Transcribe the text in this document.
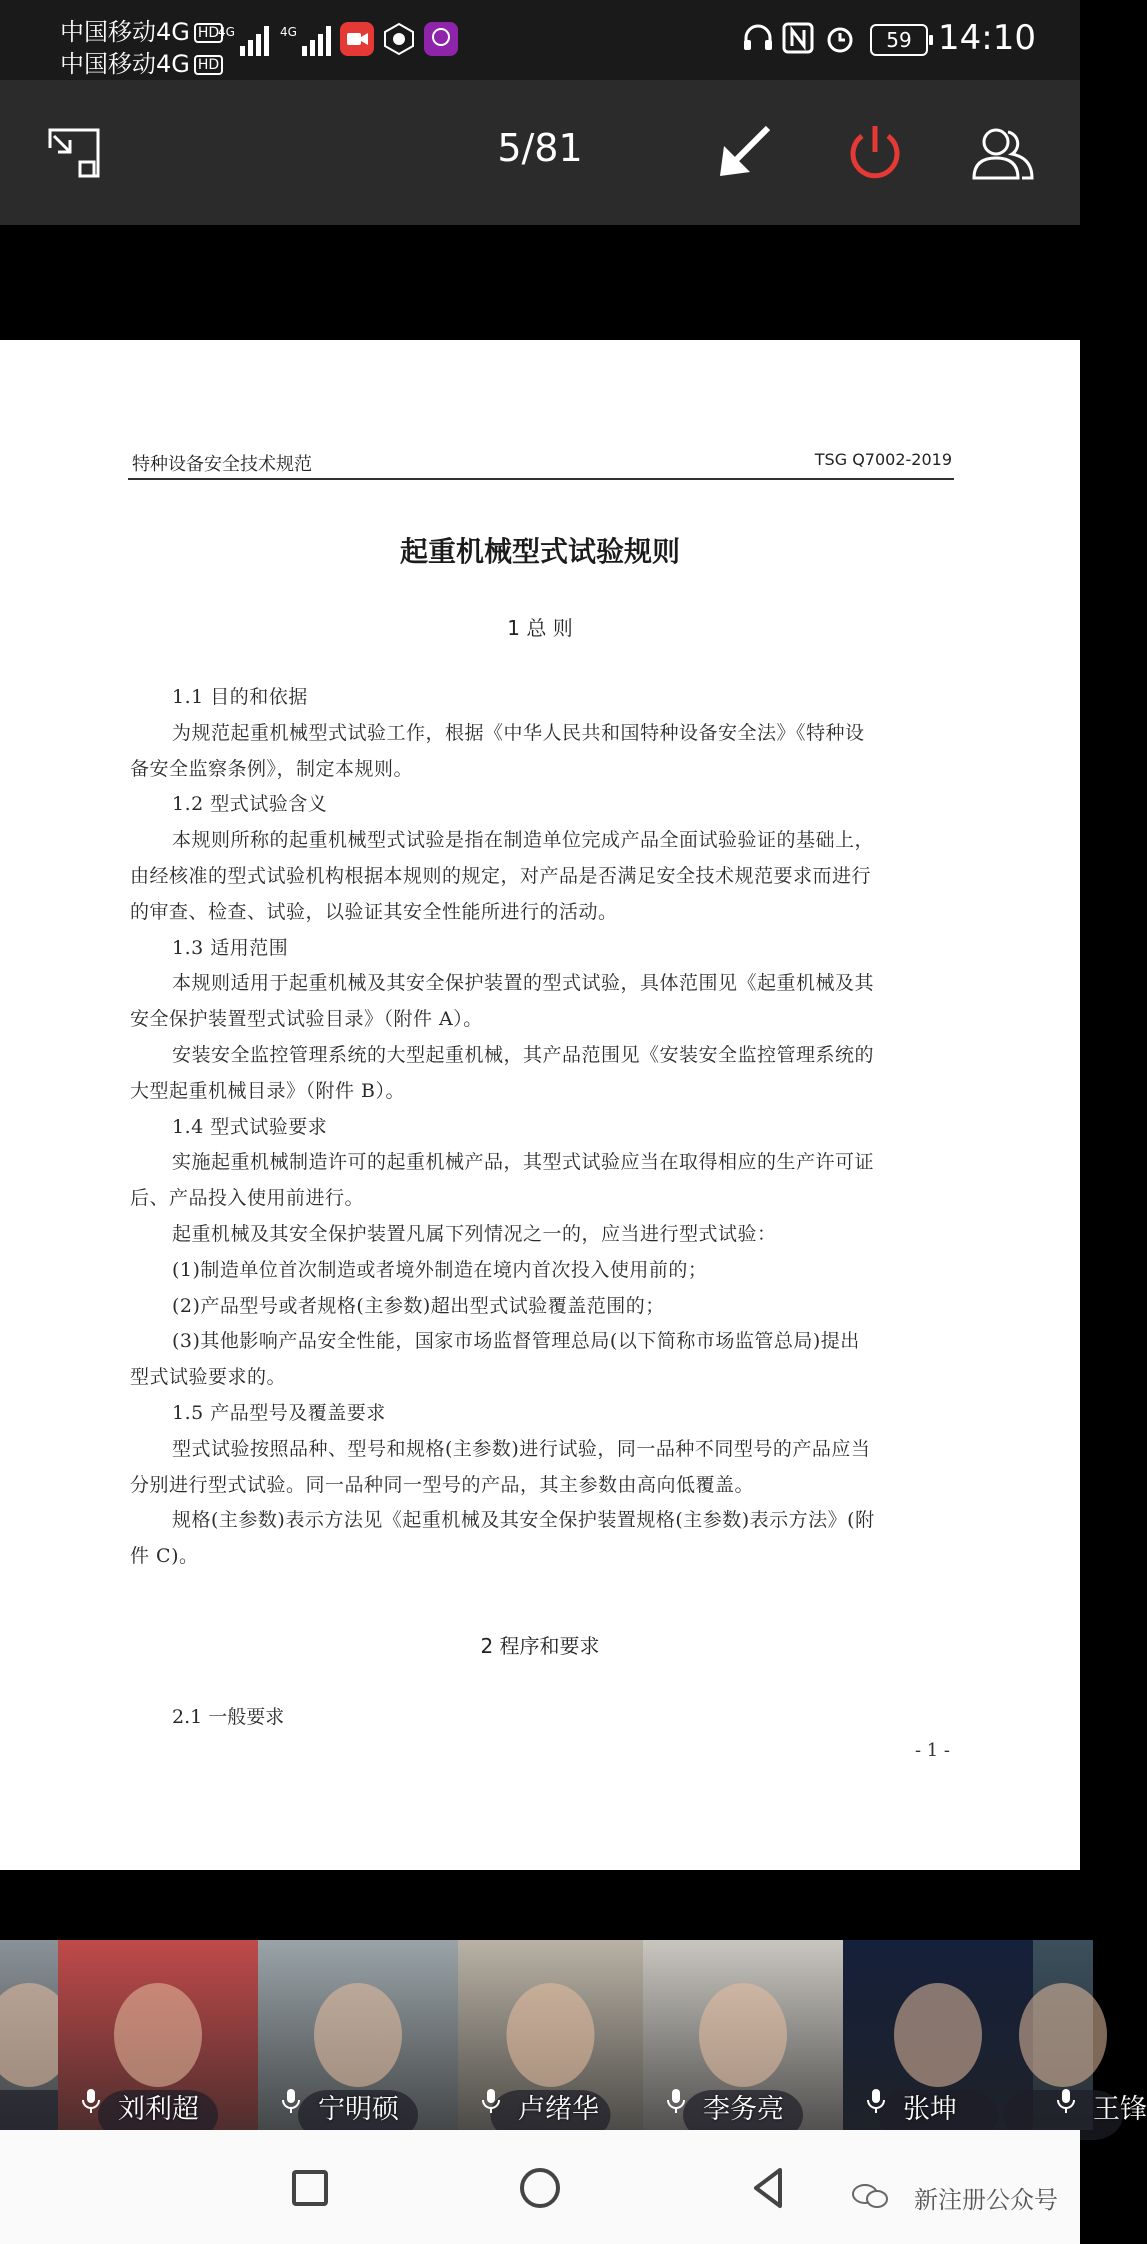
中国移动4G HD
中国移动4G HD
4G	4G	59 14:10
5/81
特种设备安全技术规范	TSG Q7002-2019
起重机械型式试验规则
1 总 则
1.1 目的和依据
为规范起重机械型式试验工作，根据《中华人民共和国特种设备安全法》《特种设
备安全监察条例》，制定本规则。
1.2 型式试验含义
本规则所称的起重机械型式试验是指在制造单位完成产品全面试验验证的基础上，
由经核准的型式试验机构根据本规则的规定，对产品是否满足安全技术规范要求而进行
的审查、检查、试验，以验证其安全性能所进行的活动。
1.3 适用范围
本规则适用于起重机械及其安全保护装置的型式试验，具体范围见《起重机械及其
安全保护装置型式试验目录》（附件 A）。
安装安全监控管理系统的大型起重机械，其产品范围见《安装安全监控管理系统的
大型起重机械目录》（附件 B）。
1.4 型式试验要求
实施起重机械制造许可的起重机械产品，其型式试验应当在取得相应的生产许可证
后、产品投入使用前进行。
起重机械及其安全保护装置凡属下列情况之一的，应当进行型式试验：
(1)制造单位首次制造或者境外制造在境内首次投入使用前的；
(2)产品型号或者规格(主参数)超出型式试验覆盖范围的；
(3)其他影响产品安全性能，国家市场监督管理总局(以下简称市场监管总局)提出
型式试验要求的。
1.5 产品型号及覆盖要求
型式试验按照品种、型号和规格(主参数)进行试验，同一品种不同型号的产品应当
分别进行型式试验。同一品种同一型号的产品，其主参数由高向低覆盖。
规格(主参数)表示方法见《起重机械及其安全保护装置规格(主参数)表示方法》(附
件 C)。
2 程序和要求
2.1 一般要求
- 1 -
刘利超	宁明硕	卢绪华	李务亮	张坤	王锋
新注册公众号
